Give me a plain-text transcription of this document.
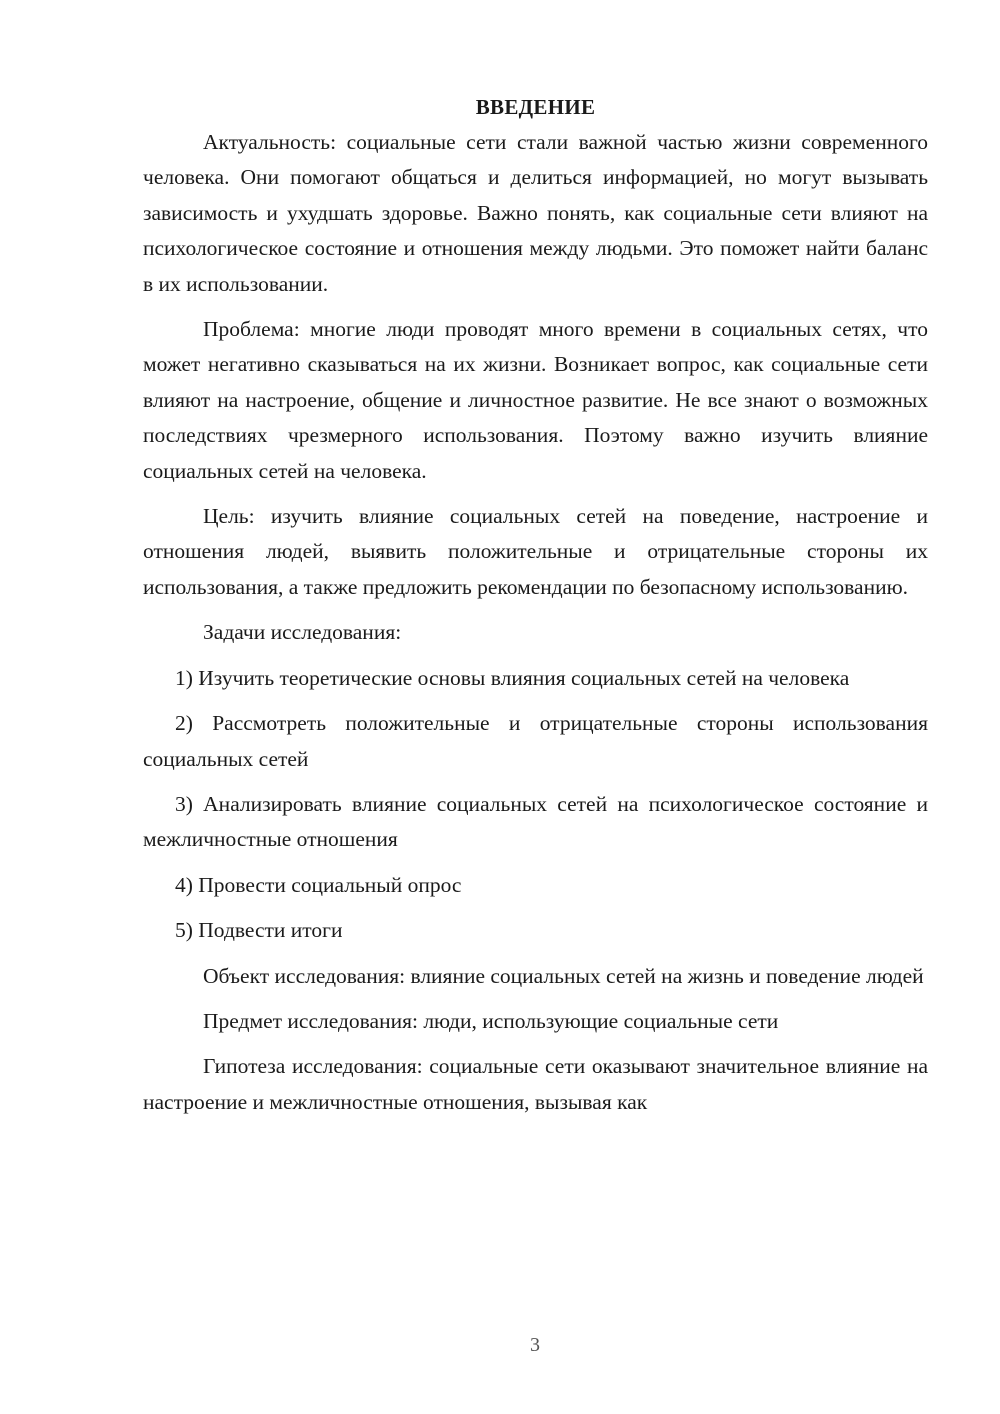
ВВЕДЕНИЕ

Актуальность: социальные сети стали важной частью жизни современного человека. Они помогают общаться и делиться информацией, но могут вызывать зависимость и ухудшать здоровье. Важно понять, как социальные сети влияют на психологическое состояние и отношения между людьми. Это поможет найти баланс в их использовании.

Проблема: многие люди проводят много времени в социальных сетях, что может негативно сказываться на их жизни. Возникает вопрос, как социальные сети влияют на настроение, общение и личностное развитие. Не все знают о возможных последствиях чрезмерного использования. Поэтому важно изучить влияние социальных сетей на человека.

Цель: изучить влияние социальных сетей на поведение, настроение и отношения людей, выявить положительные и отрицательные стороны их использования, а также предложить рекомендации по безопасному использованию.

Задачи исследования:

1) Изучить теоретические основы влияния социальных сетей на человека

2) Рассмотреть положительные и отрицательные стороны использования социальных сетей

3) Анализировать влияние социальных сетей на психологическое состояние и межличностные отношения

4) Провести социальный опрос

5) Подвести итоги

Объект исследования: влияние социальных сетей на жизнь и поведение людей

Предмет исследования: люди, использующие социальные сети

Гипотеза исследования: социальные сети оказывают значительное влияние на настроение и межличностные отношения, вызывая как

3
